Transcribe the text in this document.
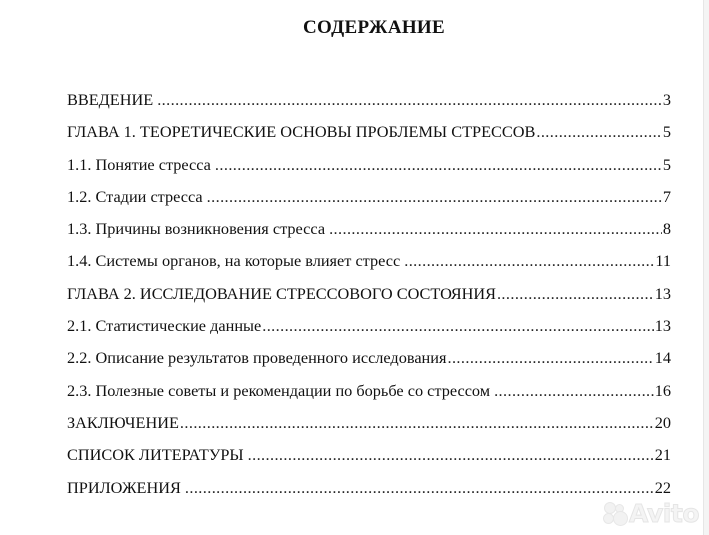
СОДЕРЖАНИЕ
ВВЕДЕНИЕ .....	3
ГЛАВА 1. ТЕОРЕТИЧЕСКИЕ ОСНОВЫ ПРОБЛЕМЫ СТРЕССОВ .....	5
1.1. Понятие стресса .....	5
1.2. Стадии стресса .....	7
1.3. Причины возникновения стресса .....	8
1.4. Системы органов, на которые влияет стресс .....	11
ГЛАВА 2. ИССЛЕДОВАНИЕ СТРЕССОВОГО СОСТОЯНИЯ .....	13
2.1. Статистические данные .....	13
2.2. Описание результатов проведенного исследования .....	14
2.3. Полезные советы и рекомендации по борьбе со стрессом .....	16
ЗАКЛЮЧЕНИЕ .....	20
СПИСОК ЛИТЕРАТУРЫ .....	21
ПРИЛОЖЕНИЯ .....	22
Avito
